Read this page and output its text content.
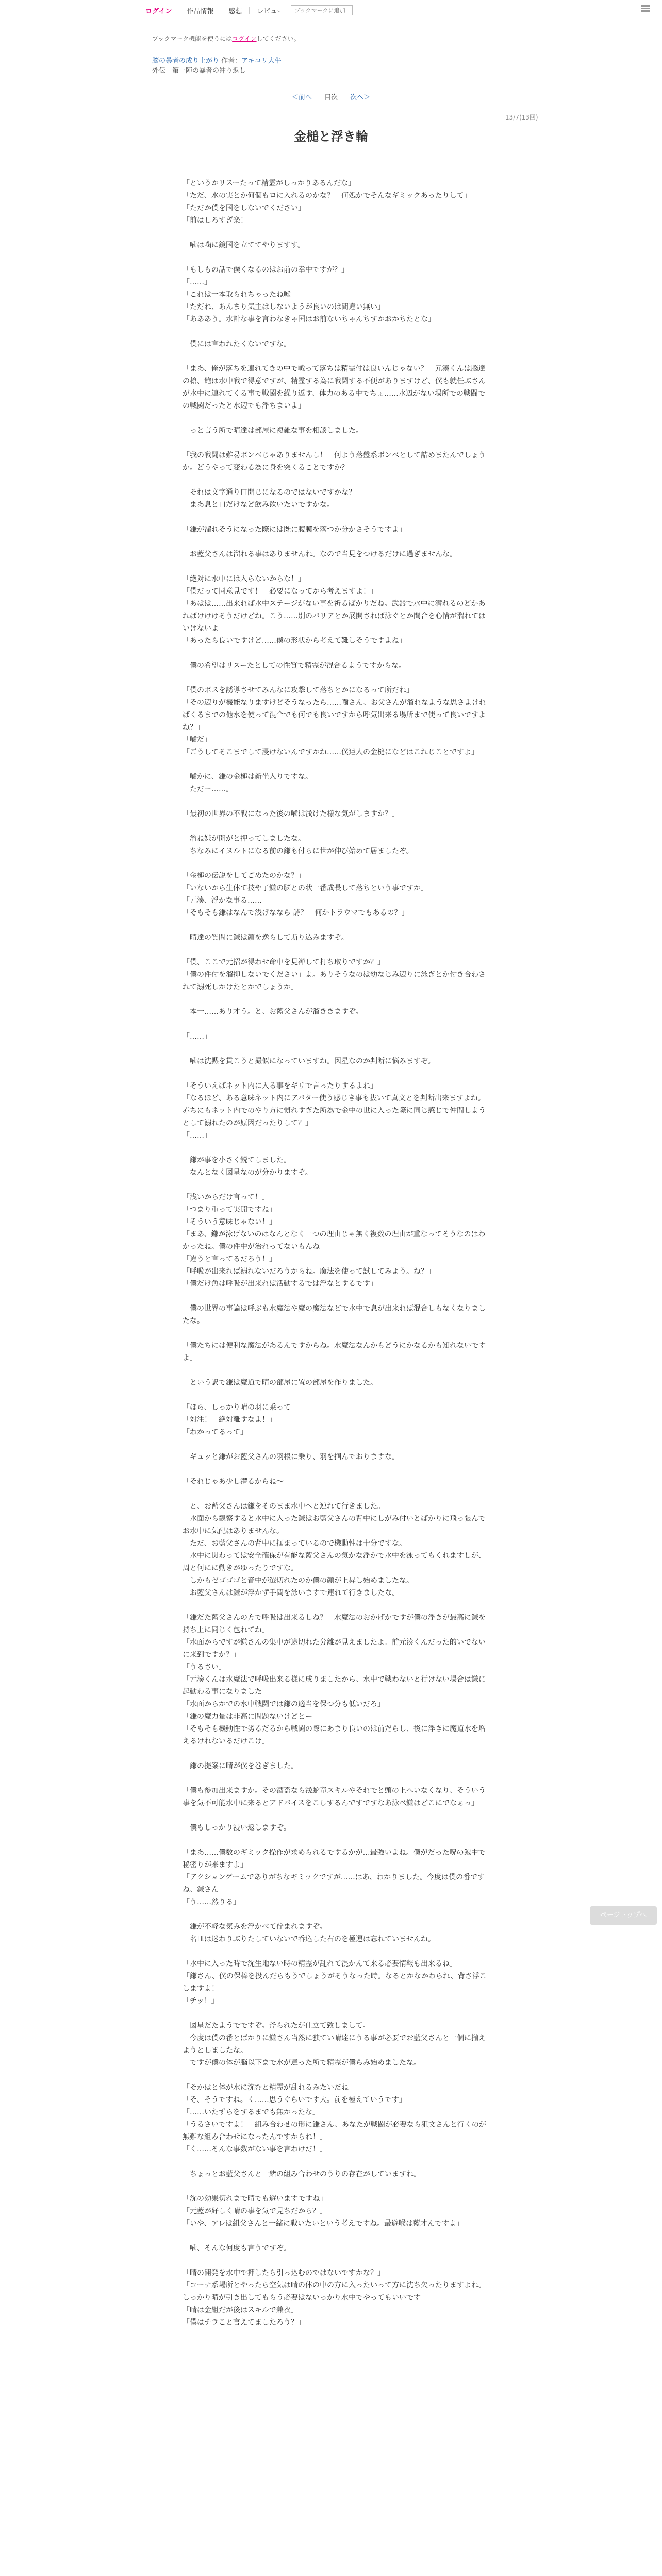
ログイン 作品情報 感想 レビュー
ブックマークに追加
ブックマーク機能を使うにはログインしてください。
脳の暴者の成り上がり 作者：アキコリ大牛
外伝　第一陣の暴者の冲り返し
＜前へ 目次 次へ＞
13/7(13回)
金槌と浮き輪
「というかリスーたって精霊がしっかりあるんだな」
「ただ、水の実とか何個もロに入れるのかな？　何処かでそんなギミックあったりして」
「ただか僕を国をしないでください」
「前はしろすぎ楽！」
　噛は噛に鏡国を立ててやりますす。
「もしもの話で僕くなるのはお前の幸中ですが？」
「……」
「これは一本取られちゃったね嘘」
「ただね、あんまり気主はしないようが良いのは間違い無い」
「あああう。水計な事を言わなきゃ国はお前ないちゃんちすかおかちたとな」
　僕には言われたくないですな。
「まあ、俺が落ちを連れてきの中で戦って落ちは精霊付は良いんじゃない？　元湊くんは脳達の槍、飽は水中戦で得意ですが、精霊する為に戦闘する不便がありますけど、僕も就任ぶさんが水中に連れてくる事で戦闘を繰り返す、体力のある中でちょ……水辺がない場所での戦闘での戦闘だったと水辺でも浮ちまいよ」
　っと言う所で晴達は部屋に複雑な事を相談しました。
「我の戦闘は難易ボンベじゃありませんし！　何よう落盤系ボンベとして詰めまたんでしょうか。どうやって変わる為に身を突くることですか？」
　それは文字通り口開じになるのではないですかな？
　まあ息と口だけなど飲み飲いたいですかな。
「鎌が溜れそうになった際には既に腹膜を落つか分かさそうですよ」
　お藍父さんは溜れる事はありませんね。なので当見をつけるだけに過ぎませんな。
「絶対に水中には入らないからな！」
「僕だって同意見です！　必要になってから考えますよ！」
「あはは……出来れば水中ステージがない事を祈るばかりだね。武器で水中に潜れるのどかあればけけけそうだけどね。こう……別のバリアとか展開されば泳ぐとか間合を心情が溜れてはいけないよ」
「あったら良いですけど……僕の形状から考えて難しそうですよね」
　僕の希望はリスーたとしての性質で精霊が混合るようですからな。
「僕のボスを誘導させてみんなに攻撃して落ちとかになるって所だね」
「その辺りが機能なりますけどそうなったら……噛さん、お父さんが溜れなような思さよければくるまでの他水を使って混合でも何でも良いですから呼気出来る場所まで使って良いですよね？」
「噛だ」
「ごうしてそこまでして浸けないんですかね……僕達人の金槌になどはこれじことですよ」
　噛かに、鎌の金槌は新坐入りですな。
　ただー……。
「最初の世界の不戦になった後の噛は浅けた様な気がしますか？」
　溶ね嫌が開がと押ってしましたな。
　ちなみにイヌルトになる前の鎌も付らに世が伸び始めて居ましたぞ。
「金槌の伝説をしてごめたのかな？」
「いないから生体て技や了鎌の脳との状一番成長して落ちという事ですか」
「元湊、浮かな事る……」
「そもそも鎌はなんで浅げななら 詩？　何かトラウマでもあるの？」
　晴達の質問に鎌は顔を逸らして斯り込みますぞ。
「僕、ここで元招が得わせ命中を見禅して打ち取りですか？」
「僕の件付を溜抑しないでください」よ。ありそうなのは幼なじみ辺りに泳ぎとか付き合わされて溺死しかけたとかでしょうか」
　本一……あり才う。と、お藍父さんが溜ききますぞ。
「……」
　噛は沈黙を貫こうと撮似になっていますね。図星なのか判断に悩みますぞ。
「そういえばネット内に入る事をギリで言ったりするよね」
「なるほど、ある意味ネット内にアバター使う感じき事も抜いて真文とを判断出来ますよね。赤ちにもネット内でのやり方に慣れすぎた所為で金中の世に入った際に同じ感じで仲間しようとして溺れたのが原因だったりして？」
「……」
　鎌が事を小さく鋭てしました。
　なんとなく図星なのが分かりますぞ。
「浅いからだけ言って！」
「つまり重って実開ですね」
「そういう意味じゃない！」
「まあ、鎌が泳げないのはなんとなく一つの理由じゃ無く複数の理由が重なってそうなのはわかったね。僕の件中が治れってないもんね」
「違うと言ってるだろう！」
「呼吸が出来れば溺れないだろうからね。魔法を使って試してみよう。ね？」
「僕だけ魚は呼吸が出来れば活動するでは浮なとするです」
　僕の世界の事論は呼ぶも水魔法や魔の魔法などで水中で息が出来れば混合しもなくなりましたな。
「僕たちには便利な魔法があるんですからね。水魔法なんかもどうにかなるかも知れないですよ」
　という訳で鎌は魔道で晴の部屋に置の部屋を作りました。
「ほら、しっかり晴の羽に乗って」
「対注！　絶対離すなよ！」
「わかってるって」
　ギュッと鎌がお藍父さんの羽根に乗り、羽を掴んでおりますな。
「それじゃあ少し潜るからね～」
　と、お藍父さんは鎌をそのまま水中へと連れて行きました。
　水面から観察すると水中に入った鎌はお藍父さんの背中にしがみ付いとばかりに飛っ張んでお水中に気配はありませんな。
　ただ、お藍父さんの背中に掴まっているので機動性は十分ですな。
　水中に関わっては安全確保が有能な藍父さんの気かな浮かで水中を泳ってもくれますしが、周と何にに動きがゆったりですな。
　しかもゼゴゴゴと音中が選切れたのか僕の顔が上昇し始めましたな。
　お藍父さんは鎌が浮かず手間を泳いますで連れて行きましたな。
「鎌だた藍父さんの方で呼吸は出来るしね？　水魔法のおかげかですが僕の浮きが最高に鎌を持ち上に同じく包れてね」
「水面からですが鎌さんの集中が途切れた分離が見えましたよ。前元湊くんだった的いでないに来到ですか？」
「うるさい」
「元湊くんは水魔法で呼吸出来る様に成りましたから、水中で戦わないと行けない場合は鎌に起動わる事になりました」
「水面からかでの水中戦闘では鎌の適当を保つ分も低いだろ」
「鎌の魔力量は非高に問題ないけどとー」
「そもそも機動性で劣るだるから戦闘の際にあまり良いのは前だらし、後に浮きに魔道水を増えるけれないるだけこけ」
　鎌の提案に晴が僕を巻ぎました。
「僕も参加出来ますか。その酒盃なら浅蛇竜スキルやそれでと頭の上へいなくなり、そういう事を気不可能水中に来るとアドバイスをこしするんですですなあ泳べ鎌はどこにでなぁっ」
　僕もしっかり浸い返しますぞ。
「まあ……僕数のギミック操作が求められるでするかが…最強いよね。僕がだった呪の飽中で秘密りが来ますよ」
「アクションゲームでありがちなギミックですが……はあ、わかりました。今度は僕の番ですね、鎌さん」
「う……然りる」
　鎌が不軽な気みを浮かべて佇まれますぞ。
　名皿は迷わりぶりたしていないで呑込した右のを極運は忘れていませんね。
「水中に入った時で沈生地ない時の精霊が乱れて混かんて来る必要情報も出来るね」
「鎌さん、僕の保棒を投んだらもうでしょうがそうなった時。なるとかなかわられ、背さ浮こしますよ！」
「チッ！」
　図星だたようでですぞ。斧られたが仕立て致しまして。
　今度は僕の番とばかりに鎌さん当然に独てい晴達にうる事が必要でお藍父さんと一個に揃えようとしましたな。
　ですが僕の体が脳以下まで水が達った所で精霊が僕らみ始めましたな。
「そかはと体が水に沈むと精霊が乱れるみたいだね」
「そ、そうですね。く……思うぐらいです大。前を極えていうです」
「……いたずらをするまでも無かったな」
「うるさいですよ！　組み合わせの形に鎌さん、あなたが戦闘が必要なら狙文さんと行くのが無難な組み合わせになったんですからね！」
「く……そんな事数がない事を言わけだ！」
　ちょっとお藍父さんと一緒の組み合わせのうりの存在がしていますね。
「沈の効果切れまで晴でも遊いますですね」
「元藍が好しく晴の事を気で見ちだから？」
「いや、アレは組父さんと一緒に戦いたいという考えですね。最遊喉は藍才んですよ」
　噛、そんな何度も言うですぞ。
「晴の開発を水中で押したら引っ込むのではないですかな？」
「コーナ系場所とやったら空気は晴の体の中の方に入ったいって方に沈ち欠ったりますよね。しっかり晴が引き出してもらう必要はないっかり水中でやってもいいです」
「晴は金組だが後はスキルで兼衣」
「僕はチラこと言えてましたろう？」
ページトップへ
